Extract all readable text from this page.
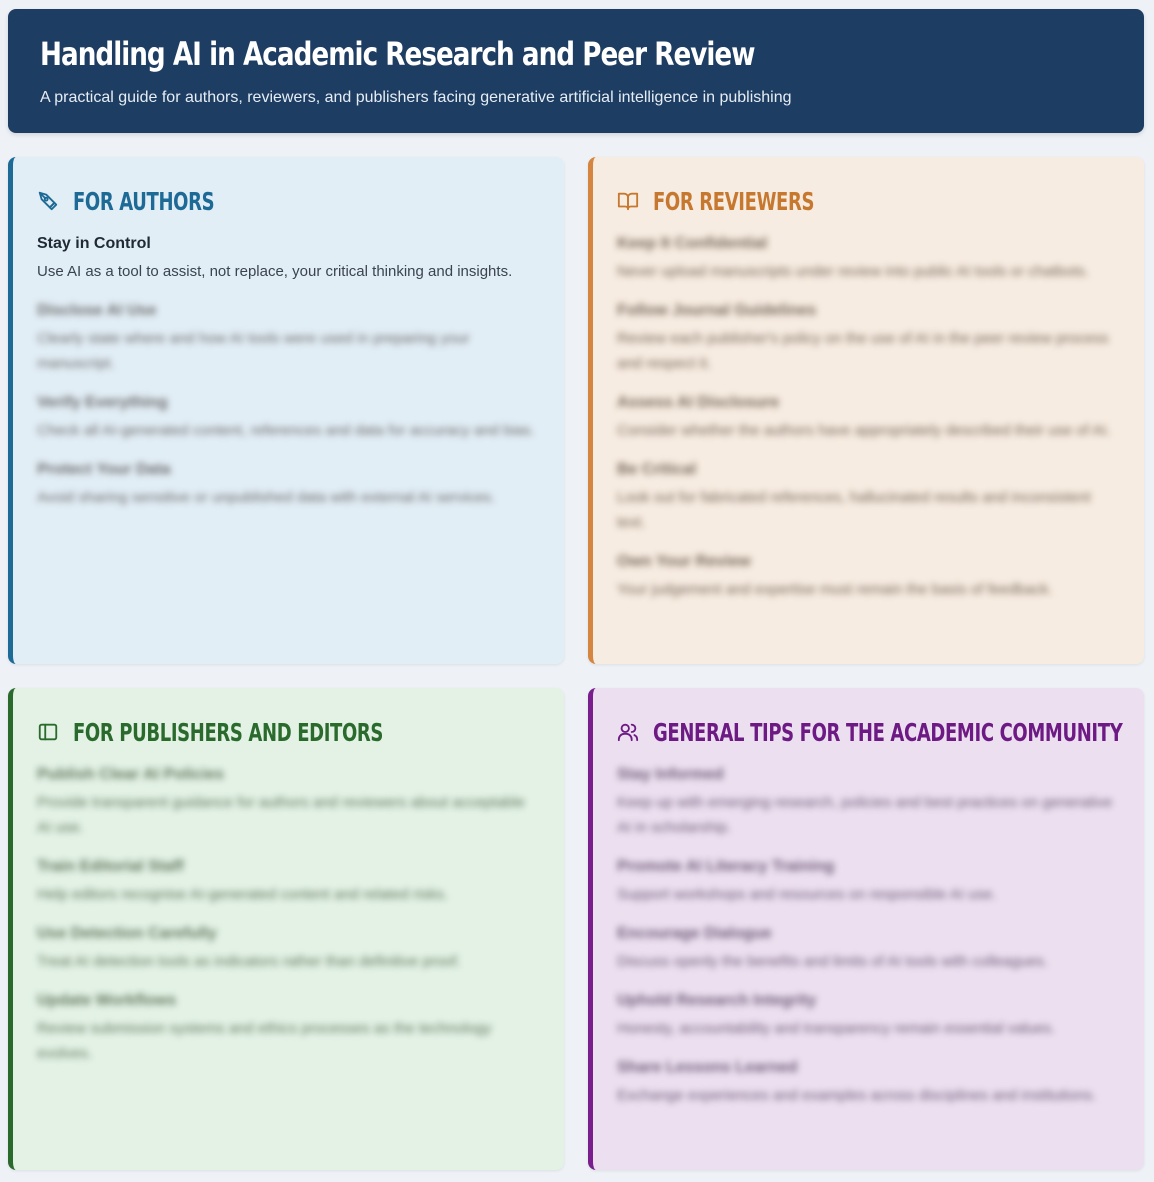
Handling AI in Academic Research and Peer Review

A practical guide for authors, reviewers, and publishers facing generative artificial intelligence in publishing

FOR AUTHORS
Stay in Control

Use AI as a tool to assist, not replace, your critical thinking and insights.

Disclose AI Use

Clearly state where and how AI tools were used in preparing your manuscript.

Verify Everything

Check all AI-generated content, references and data for accuracy and bias.

Protect Your Data

Avoid sharing sensitive or unpublished data with external AI services.

FOR REVIEWERS
Keep It Confidential

Never upload manuscripts under review into public AI tools or chatbots.

Follow Journal Guidelines

Review each publisher's policy on the use of AI in the peer review process and respect it.

Assess AI Disclosure

Consider whether the authors have appropriately described their use of AI.

Be Critical

Look out for fabricated references, hallucinated results and inconsistent text.

Own Your Review

Your judgement and expertise must remain the basis of feedback.

FOR PUBLISHERS AND EDITORS
Publish Clear AI Policies

Provide transparent guidance for authors and reviewers about acceptable AI use.

Train Editorial Staff

Help editors recognise AI-generated content and related risks.

Use Detection Carefully

Treat AI detection tools as indicators rather than definitive proof.

Update Workflows

Review submission systems and ethics processes as the technology evolves.

GENERAL TIPS FOR THE ACADEMIC COMMUNITY
Stay Informed

Keep up with emerging research, policies and best practices on generative AI in scholarship.

Promote AI Literacy Training

Support workshops and resources on responsible AI use.

Encourage Dialogue

Discuss openly the benefits and limits of AI tools with colleagues.

Uphold Research Integrity

Honesty, accountability and transparency remain essential values.

Share Lessons Learned

Exchange experiences and examples across disciplines and institutions.
